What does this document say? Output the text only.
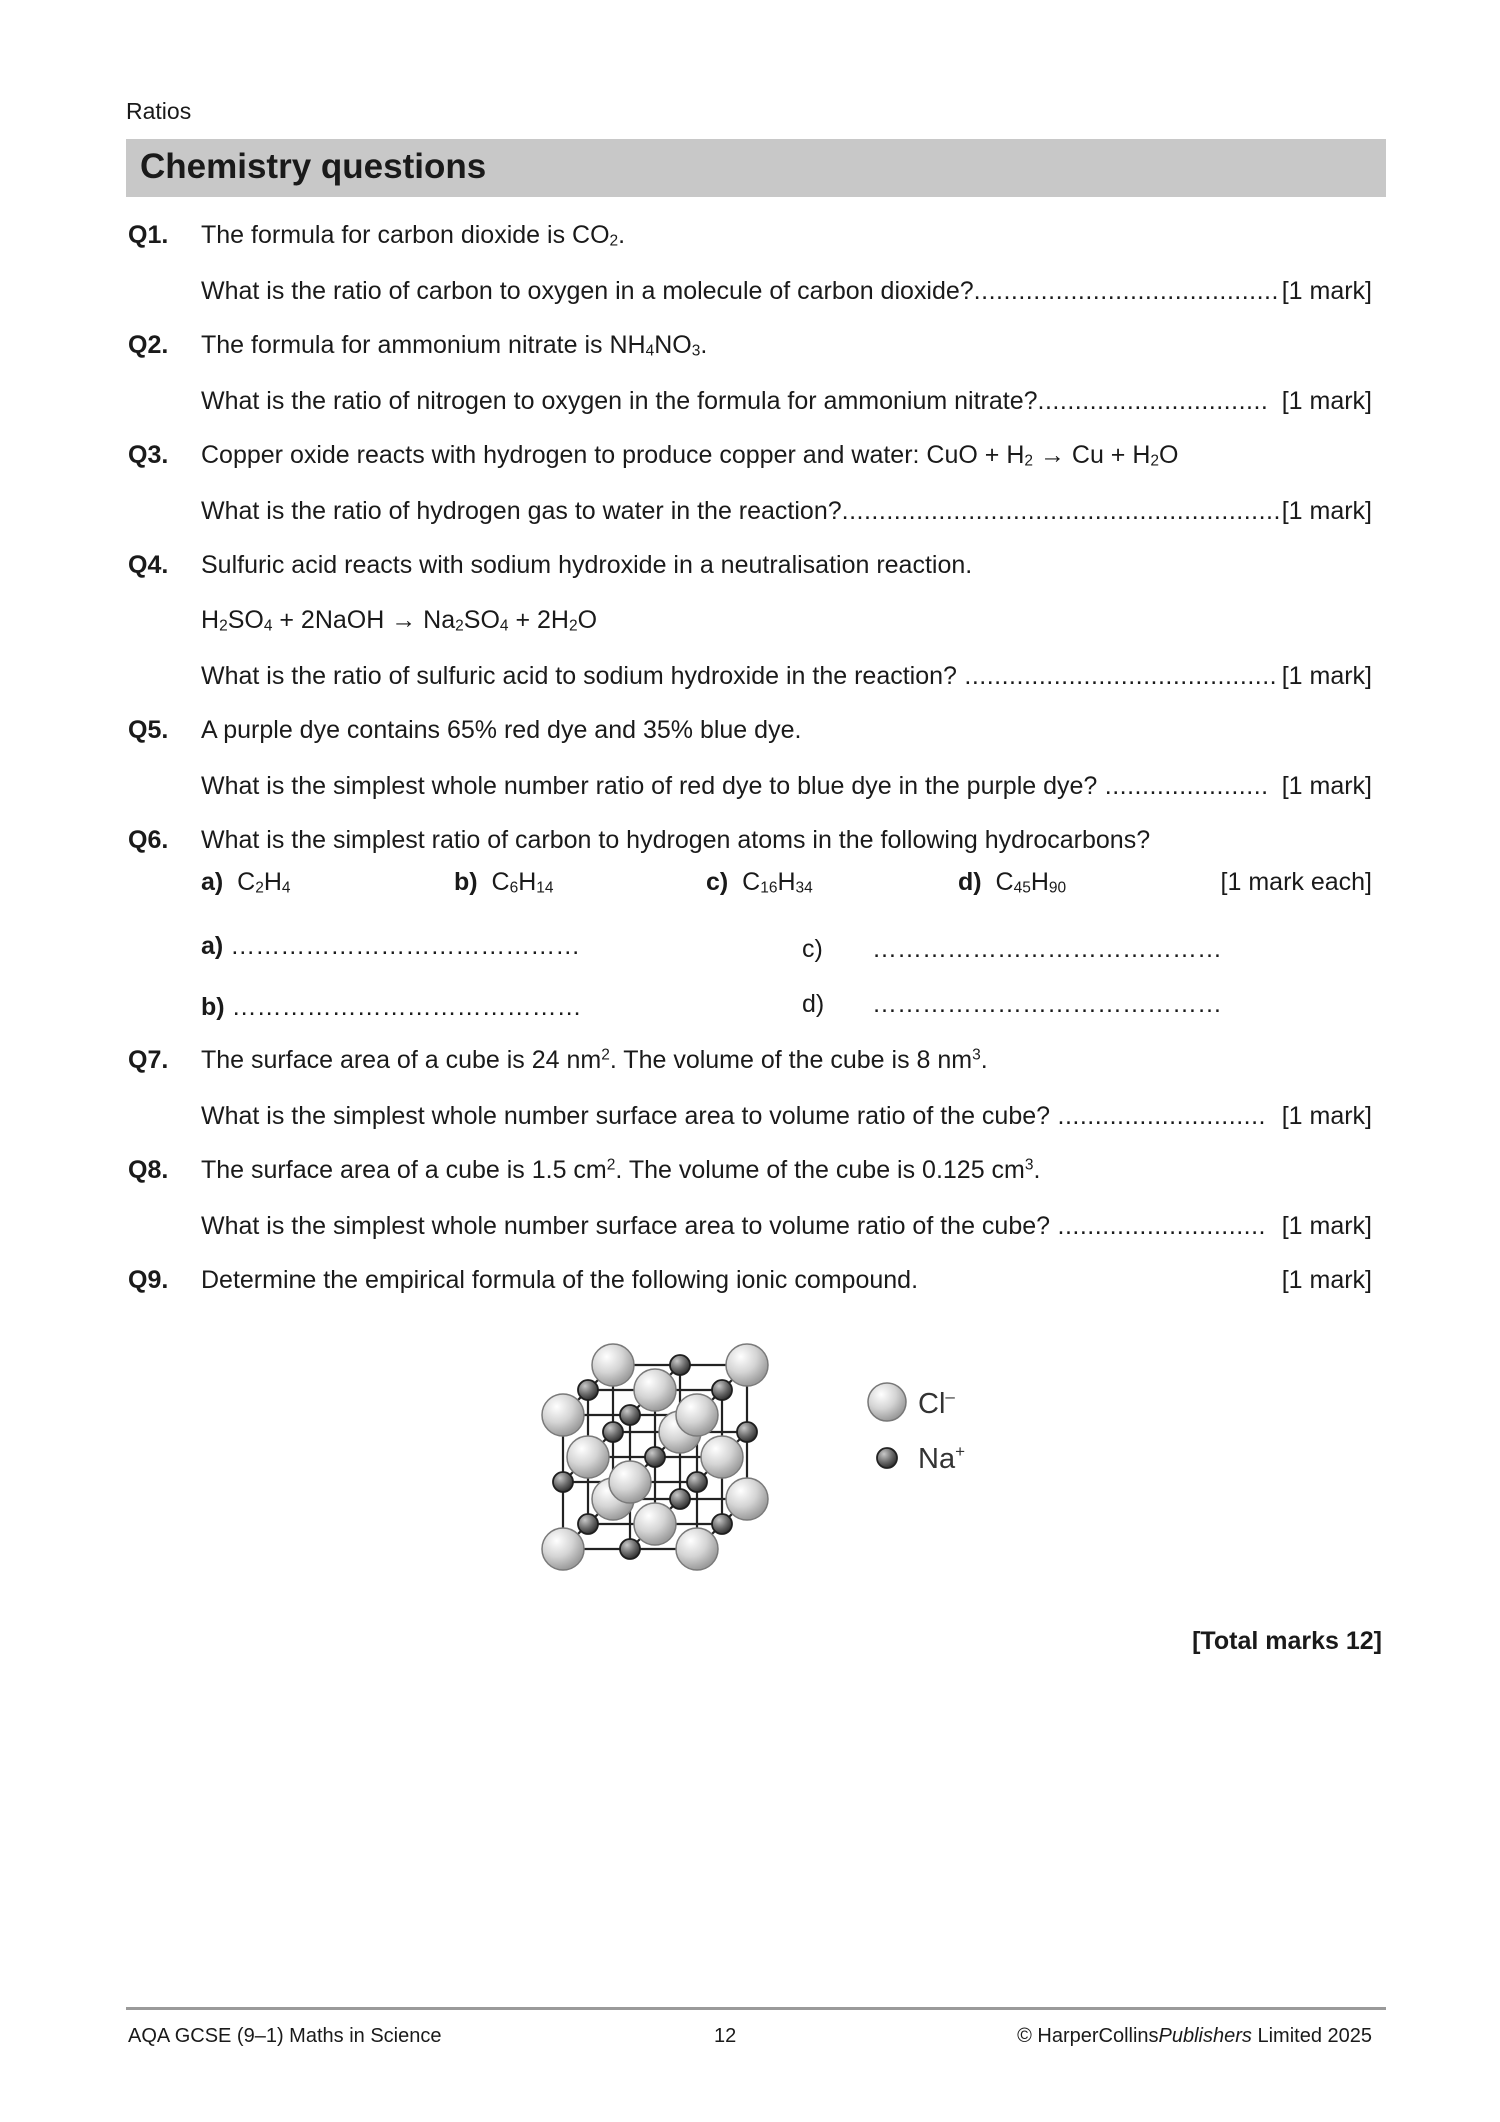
Ratios
Chemistry questions
Q1. The formula for carbon dioxide is $CO_2$.
What is the ratio of carbon to oxygen in a molecule of carbon dioxide?......................................... [1 mark]
Q2. The formula for ammonium nitrate is $NH_4NO_3$.
What is the ratio of nitrogen to oxygen in the formula for ammonium nitrate?............................... [1 mark]
Q3. Copper oxide reacts with hydrogen to produce copper and water: CuO + $H_2 \to Cu + H_2O$
What is the ratio of hydrogen gas to water in the reaction?........................................................... [1 mark]
Q4. Sulfuric acid reacts with sodium hydroxide in a neutralisation reaction.
$H_2SO_4$ + 2NaOH → $Na_2SO_4 + 2H_2O$
What is the ratio of sulfuric acid to sodium hydroxide in the reaction? .......................................... [1 mark]
Q5. A purple dye contains 65% red dye and 35% blue dye.
What is the simplest whole number ratio of red dye to blue dye in the purple dye? ...................... [1 mark]
Q6. What is the simplest ratio of carbon to hydrogen atoms in the following hydrocarbons?
a) $C_2H_4$	b) $C_6H_{14}$	c) $C_{16}H_{34}$	d) $C_{45}H_{90}$	[1 mark each]
a) ……………………………………
b) ……………………………………
c) ……………………………………
d) ……………………………………
Q7. The surface area of a cube is 24 $nm^2$. The volume of the cube is 8 $nm^3$.
What is the simplest whole number surface area to volume ratio of the cube? ............................ [1 mark]
Q8. The surface area of a cube is 1.5 $cm^2$. The volume of the cube is 0.125 $cm^3$.
What is the simplest whole number surface area to volume ratio of the cube? ............................ [1 mark]
Q9. Determine the empirical formula of the following ionic compound.	[1 mark]
Cl–
Na+
[Total marks 12]
AQA GCSE (9–1) Maths in Science	12	© HarperCollinsPublishers Limited 2025
